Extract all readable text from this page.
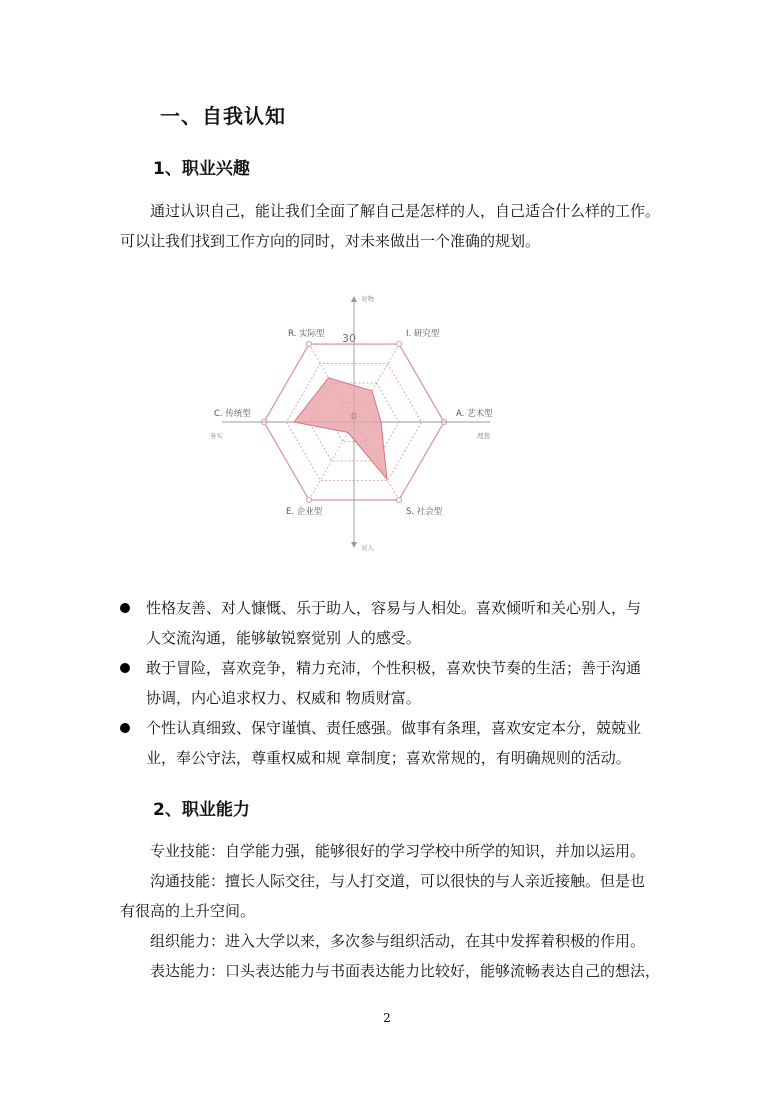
一、自我认知
1、职业兴趣
通过认识自己，能让我们全面了解自己是怎样的人，自己适合什么样的工作。
可以让我们找到工作方向的同时，对未来做出一个准确的规划。
I. 研究型
A. 艺术型
S. 社会型
E. 企业型
C. 传统型
R. 实际型 30
0
对物
对人
务实	理想
性格友善、对人慷慨、乐于助人，容易与人相处。喜欢倾听和关心别人，与
人交流沟通，能够敏锐察觉别 人的感受。
敢于冒险，喜欢竞争，精力充沛，个性积极，喜欢快节奏的生活；善于沟通
协调，内心追求权力、权威和 物质财富。
个性认真细致、保守谨慎、责任感强。做事有条理，喜欢安定本分，兢兢业
业，奉公守法，尊重权威和规 章制度；喜欢常规的，有明确规则的活动。
2、职业能力
专业技能：自学能力强，能够很好的学习学校中所学的知识，并加以运用。
沟通技能：擅长人际交往，与人打交道，可以很快的与人亲近接触。但是也
有很高的上升空间。
组织能力：进入大学以来，多次参与组织活动，在其中发挥着积极的作用。
表达能力：口头表达能力与书面表达能力比较好，能够流畅表达自己的想法，
2
